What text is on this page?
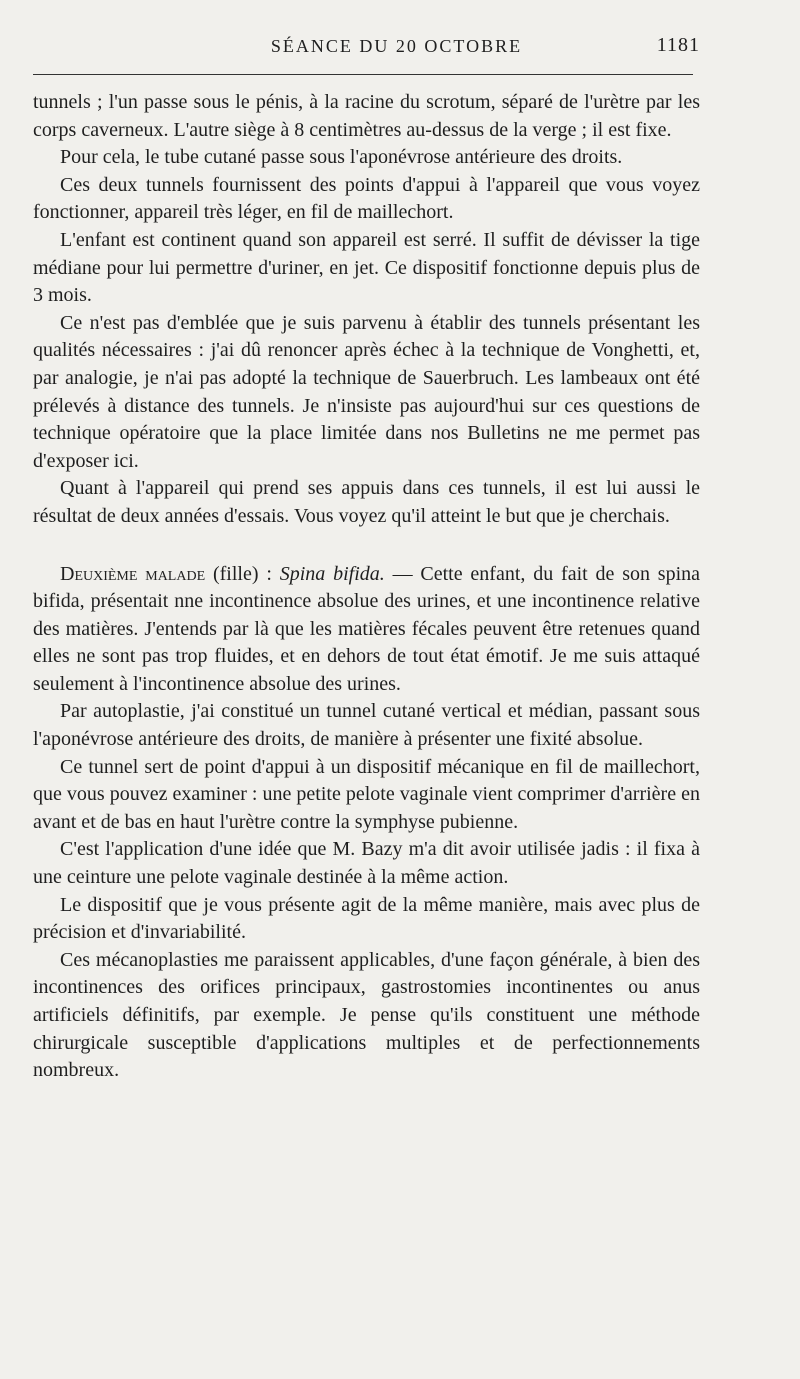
SÉANCE DU 20 OCTOBRE	1181

tunnels ; l'un passe sous le pénis, à la racine du scrotum, séparé de l'urètre par les corps caverneux. L'autre siège à 8 centimètres au-dessus de la verge ; il est fixe.

Pour cela, le tube cutané passe sous l'aponévrose antérieure des droits.

Ces deux tunnels fournissent des points d'appui à l'appareil que vous voyez fonctionner, appareil très léger, en fil de maillechort.

L'enfant est continent quand son appareil est serré. Il suffit de dévisser la tige médiane pour lui permettre d'uriner, en jet. Ce dispositif fonctionne depuis plus de 3 mois.

Ce n'est pas d'emblée que je suis parvenu à établir des tunnels présentant les qualités nécessaires : j'ai dû renoncer après échec à la technique de Vonghetti, et, par analogie, je n'ai pas adopté la technique de Sauerbruch. Les lambeaux ont été prélevés à distance des tunnels. Je n'insiste pas aujourd'hui sur ces questions de technique opératoire que la place limitée dans nos Bulletins ne me permet pas d'exposer ici.

Quant à l'appareil qui prend ses appuis dans ces tunnels, il est lui aussi le résultat de deux années d'essais. Vous voyez qu'il atteint le but que je cherchais.

Deuxième malade (fille) : Spina bifida. — Cette enfant, du fait de son spina bifida, présentait nne incontinence absolue des urines, et une incontinence relative des matières. J'entends par là que les matières fécales peuvent être retenues quand elles ne sont pas trop fluides, et en dehors de tout état émotif. Je me suis attaqué seulement à l'incontinence absolue des urines.

Par autoplastie, j'ai constitué un tunnel cutané vertical et médian, passant sous l'aponévrose antérieure des droits, de manière à présenter une fixité absolue.

Ce tunnel sert de point d'appui à un dispositif mécanique en fil de maillechort, que vous pouvez examiner : une petite pelote vaginale vient comprimer d'arrière en avant et de bas en haut l'urètre contre la symphyse pubienne.

C'est l'application d'une idée que M. Bazy m'a dit avoir utilisée jadis : il fixa à une ceinture une pelote vaginale destinée à la même action.

Le dispositif que je vous présente agit de la même manière, mais avec plus de précision et d'invariabilité.

Ces mécanoplasties me paraissent applicables, d'une façon générale, à bien des incontinences des orifices principaux, gastrostomies incontinentes ou anus artificiels définitifs, par exemple. Je pense qu'ils constituent une méthode chirurgicale susceptible d'applications multiples et de perfectionnements nombreux.
